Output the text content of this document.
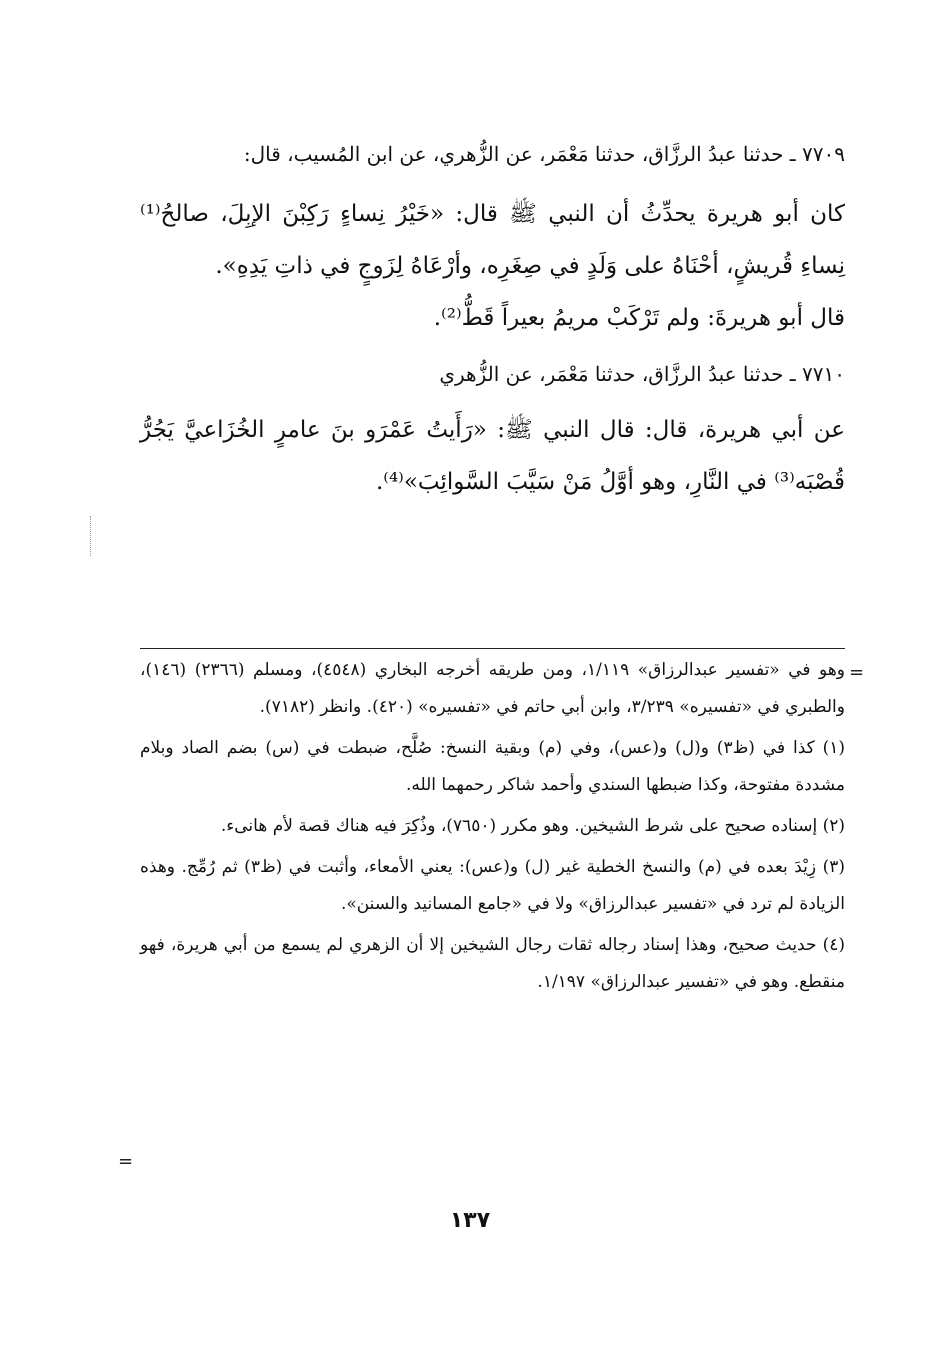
٧٧٠٩ ـ حدثنا عبدُ الرزَّاق، حدثنا مَعْمَر، عن الزُّهري، عن ابن المُسيب، قال:

كان أبو هريرة يحدِّثُ أن النبي ﷺ قال: «خَيْرُ نِساءٍ رَكِبْنَ الإبِلَ، صالحُ⁽¹⁾ نِساءِ قُريشٍ، أحْنَاهُ على وَلَدٍ في صِغَرِه، وأرْعَاهُ لِزَوجٍ في ذاتِ يَدِهِ».

قال أبو هريرةَ: ولم تَرْكَبْ مريمُ بعيراً قَطُّ⁽²⁾.

٧٧١٠ ـ حدثنا عبدُ الرزَّاق، حدثنا مَعْمَر، عن الزُّهري

عن أبي هريرة، قال: قال النبي ﷺ: «رَأَيتُ عَمْرَو بنَ عامرٍ الخُزَاعيَّ يَجُرُّ قُصْبَه⁽³⁾ في النَّارِ، وهو أوَّلُ مَنْ سَيَّبَ السَّوائِبَ»⁽⁴⁾.

=

وهو في «تفسير عبدالرزاق» ١/١١٩، ومن طريقه أخرجه البخاري (٤٥٤٨)، ومسلم (٢٣٦٦) (١٤٦)، والطبري في «تفسيره» ٣/٢٣٩، وابن أبي حاتم في «تفسيره» (٤٢٠). وانظر (٧١٨٢).

(١) كذا في (ظ٣) و(ل) و(عس)، وفي (م) وبقية النسخ: صُلَّح، ضبطت في (س) بضم الصاد وبلام مشددة مفتوحة، وكذا ضبطها السندي وأحمد شاكر رحمهما الله.

(٢) إسناده صحيح على شرط الشيخين. وهو مكرر (٧٦٥٠)، وذُكِرَ فيه هناك قصة لأم هانىء.

(٣) زِيْدَ بعده في (م) والنسخ الخطية غير (ل) و(عس): يعني الأمعاء، وأثبت في (ظ٣) ثم رُمِّج. وهذه الزيادة لم ترد في «تفسير عبدالرزاق» ولا في «جامع المسانيد والسنن».

(٤) حديث صحيح، وهذا إسناد رجاله ثقات رجال الشيخين إلا أن الزهري لم يسمع من أبي هريرة، فهو منقطع. وهو في «تفسير عبدالرزاق» ١/١٩٧.

=
١٣٧
